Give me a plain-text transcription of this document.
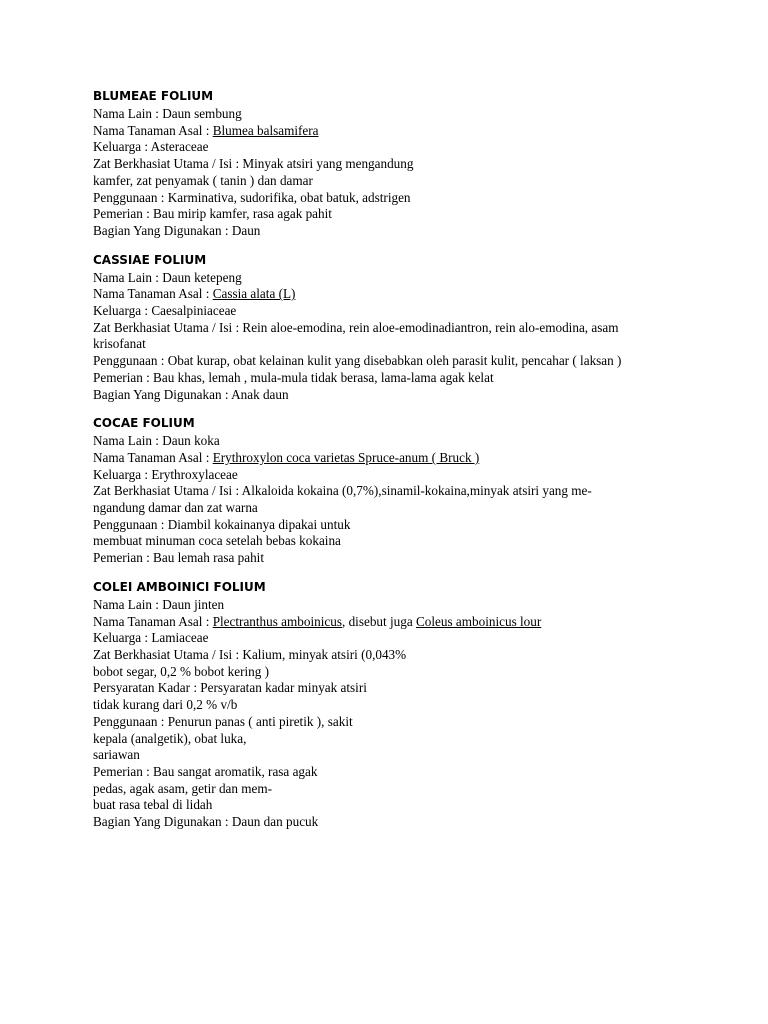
BLUMEAE FOLIUM
Nama Lain : Daun sembung
Nama Tanaman Asal : Blumea balsamifera
Keluarga : Asteraceae
Zat Berkhasiat Utama / Isi : Minyak atsiri yang mengandung
kamfer, zat penyamak ( tanin ) dan damar
Penggunaan : Karminativa, sudorifika, obat batuk, adstrigen
Pemerian : Bau mirip kamfer, rasa agak pahit
Bagian Yang Digunakan : Daun
CASSIAE FOLIUM
Nama Lain : Daun ketepeng
Nama Tanaman Asal : Cassia alata (L)
Keluarga : Caesalpiniaceae
Zat Berkhasiat Utama / Isi : Rein aloe-emodina, rein aloe-emodinadiantron, rein alo-emodina, asam
krisofanat
Penggunaan : Obat kurap, obat kelainan kulit yang disebabkan oleh parasit kulit, pencahar ( laksan )
Pemerian : Bau khas, lemah , mula-mula tidak berasa, lama-lama agak kelat
Bagian Yang Digunakan : Anak daun
COCAE FOLIUM
Nama Lain : Daun koka
Nama Tanaman Asal : Erythroxylon coca varietas Spruce-anum ( Bruck )
Keluarga : Erythroxylaceae
Zat Berkhasiat Utama / Isi : Alkaloida kokaina (0,7%),sinamil-kokaina,minyak atsiri yang me-
ngandung damar dan zat warna
Penggunaan : Diambil kokainanya dipakai untuk
membuat minuman coca setelah bebas kokaina
Pemerian : Bau lemah rasa pahit
COLEI AMBOINICI FOLIUM
Nama Lain : Daun jinten
Nama Tanaman Asal : Plectranthus amboinicus, disebut juga Coleus amboinicus lour
Keluarga : Lamiaceae
Zat Berkhasiat Utama / Isi : Kalium, minyak atsiri (0,043%
bobot segar, 0,2 % bobot kering )
Persyaratan Kadar : Persyaratan kadar minyak atsiri
tidak kurang dari 0,2 % v/b
Penggunaan : Penurun panas ( anti piretik ), sakit
kepala (analgetik), obat luka,
sariawan
Pemerian : Bau sangat aromatik, rasa agak
pedas, agak asam, getir dan mem-
buat rasa tebal di lidah
Bagian Yang Digunakan : Daun dan pucuk
